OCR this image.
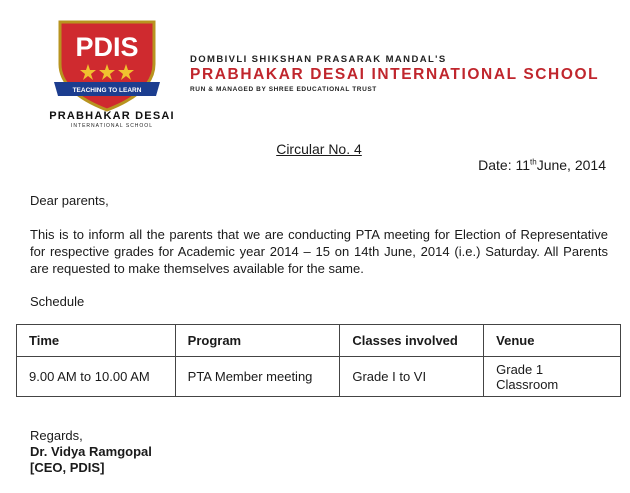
PDIS
TEACHING TO LEARN
PRABHAKAR DESAI
INTERNATIONAL SCHOOL
DOMBIVLI SHIKSHAN PRASARAK MANDAL'S
PRABHAKAR DESAI INTERNATIONAL SCHOOL
RUN & MANAGED BY SHREE EDUCATIONAL TRUST
Circular No. 4
Date: 11thJune, 2014
Dear parents,
This is to inform all the parents that we are conducting PTA meeting for Election of Representative for respective grades for Academic year 2014 – 15 on 14th June, 2014 (i.e.) Saturday. All Parents are requested to make themselves available for the same.
Schedule
Time	Program	Classes involved	Venue
9.00 AM to 10.00 AM	PTA Member meeting	Grade I to VI	Grade 1 Classroom
Regards,
Dr. Vidya Ramgopal
[CEO, PDIS]
